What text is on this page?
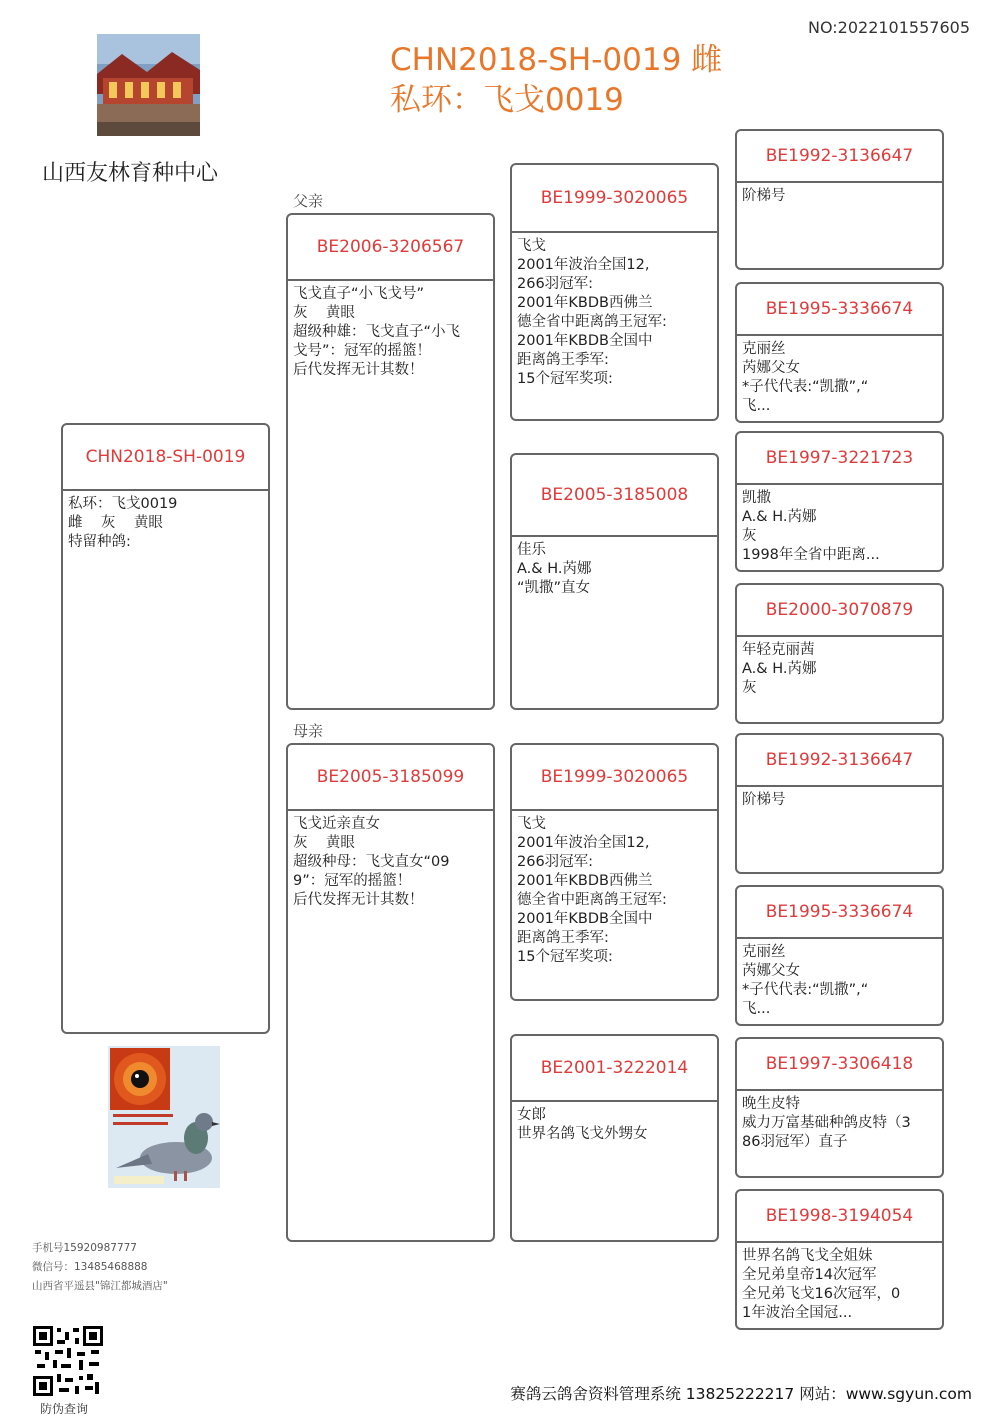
NO:2022101557605
CHN2018-SH-0019 雌
私环：飞戈0019
山西友林育种中心
父亲
母亲
CHN2018-SH-0019
私环：飞戈0019
雌    灰    黄眼
特留种鸽:
BE2006-3206567
飞戈直子“小飞戈号”
灰    黄眼
超级种雄：飞戈直子“小飞
戈号”：冠军的摇篮！
后代发挥无计其数！
BE2005-3185099
飞戈近亲直女
灰    黄眼
超级种母：飞戈直女“09
9”：冠军的摇篮！
后代发挥无计其数！
BE1999-3020065
飞戈
2001年波治全国12,
266羽冠军:
2001年KBDB西佛兰
德全省中距离鸽王冠军:
2001年KBDB全国中
距离鸽王季军:
15个冠军奖项:
BE2005-3185008
佳乐
A.& H.芮娜
“凯撒”直女
BE1999-3020065
飞戈
2001年波治全国12,
266羽冠军:
2001年KBDB西佛兰
德全省中距离鸽王冠军:
2001年KBDB全国中
距离鸽王季军:
15个冠军奖项:
BE2001-3222014
女郎
世界名鸽飞戈外甥女
BE1992-3136647
阶梯号
BE1995-3336674
克丽丝
芮娜父女
*子代代表:“凯撒”,“
飞...
BE1997-3221723
凯撒
A.& H.芮娜
灰
1998年全省中距离...
BE2000-3070879
年轻克丽茜
A.& H.芮娜
灰
BE1992-3136647
阶梯号
BE1995-3336674
克丽丝
芮娜父女
*子代代表:“凯撒”,“
飞...
BE1997-3306418
晚生皮特
威力万富基础种鸽皮特（3
86羽冠军）直子
BE1998-3194054
世界名鸽飞戈全姐妹
全兄弟皇帝14次冠军
全兄弟飞戈16次冠军，0
1年波治全国冠...
手机号15920987777
微信号：13485468888
山西省平遥县"锦江都城酒店"
防伪查询
赛鸽云鸽舍资料管理系统 13825222217 网站：www.sgyun.com
